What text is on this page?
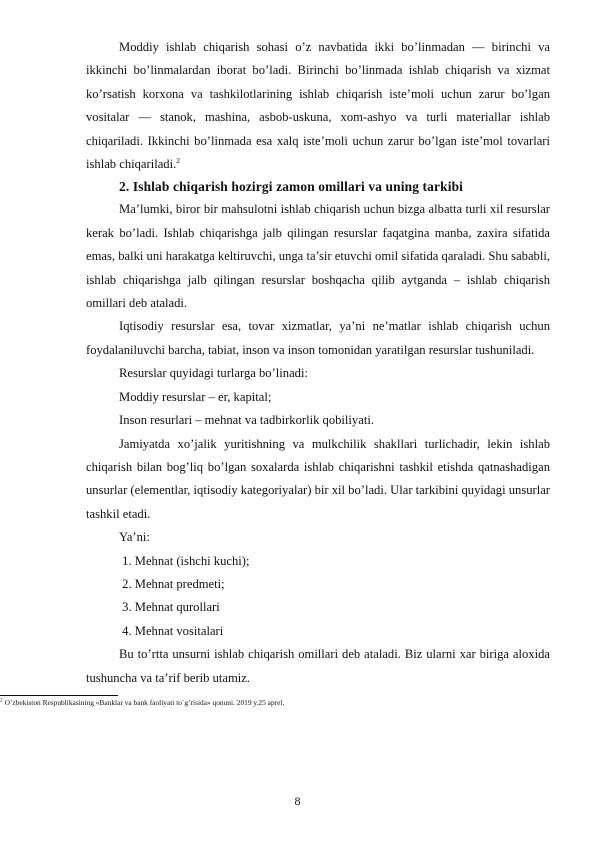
Moddiy ishlab chiqarish sohasi o’z navbatida ikki bo’linmadan — birinchi va ikkinchi bo’linmalardan iborat bo’ladi. Birinchi bo’linmada ishlab chiqarish va xizmat ko’rsatish korxona va tashkilotlarining ishlab chiqarish iste’moli uchun zarur bo’lgan vositalar — stanok, mashina, asbob-uskuna, xom-ashyo va turli materiallar ishlab chiqariladi. Ikkinchi bo’linmada esa xalq iste’moli uchun zarur bo’lgan iste’mol tovarlari ishlab chiqariladi.$^2$

2. Ishlab chiqarish hozirgi zamon omillari va uning tarkibi

Ma’lumki, biror bir mahsulotni ishlab chiqarish uchun bizga albatta turli xil resurslar kerak bo’ladi. Ishlab chiqarishga jalb qilingan resurslar faqatgina manba, zaxira sifatida emas, balki uni harakatga keltiruvchi, unga ta’sir etuvchi omil sifatida qaraladi. Shu sababli, ishlab chiqarishga jalb qilingan resurslar boshqacha qilib aytganda – ishlab chiqarish omillari deb ataladi.

Iqtisodiy resurslar esa, tovar xizmatlar, ya’ni ne’matlar ishlab chiqarish uchun foydalaniluvchi barcha, tabiat, inson va inson tomonidan yaratilgan resurslar tushuniladi.

Resurslar quyidagi turlarga bo’linadi:

Moddiy resurslar – er, kapital;

Inson resurlari – mehnat va tadbirkorlik qobiliyati.

Jamiyatda xo’jalik yuritishning va mulkchilik shakllari turlichadir, lekin ishlab chiqarish bilan bog’liq bo’lgan soxalarda ishlab chiqarishni tashkil etishda qatnashadigan unsurlar (elementlar, iqtisodiy kategoriyalar) bir xil bo’ladi. Ular tarkibini quyidagi unsurlar tashkil etadi.

Ya’ni:

1. Mehnat (ishchi kuchi);

2. Mehnat predmeti;

3. Mehnat qurollari

4. Mehnat vositalari

Bu to’rtta unsurni ishlab chiqarish omillari deb ataladi. Biz ularni xar biriga aloxida tushuncha va ta’rif berib utamiz.

$^2$ O’zbekiston Respublikasining «Banklar va bank faoliyati to`g’risida» qonuni. 2019 y.25 aprel.
8
